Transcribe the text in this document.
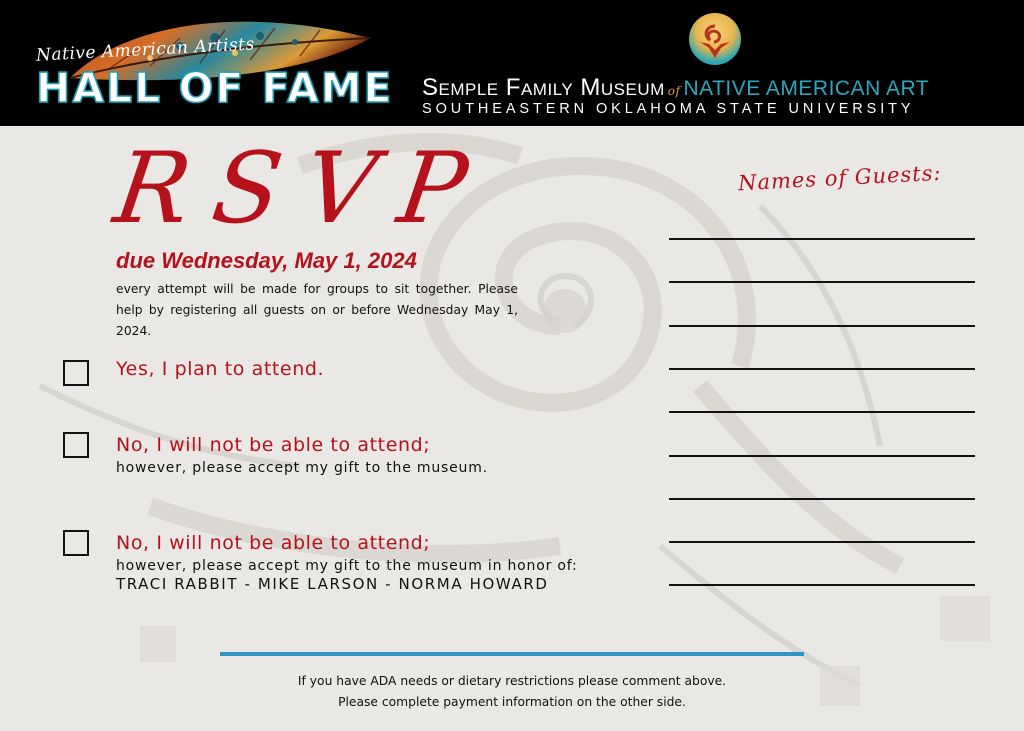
Native American Artists
HALL OF FAME Semple Family Museum of NATIVE AMERICAN ART
SOUTHEASTERN OKLAHOMA STATE UNIVERSITY
RSVP
due Wednesday, May 1, 2024
every attempt will be made for groups to sit together. Please help by registering all guests on or before Wednesday May 1, 2024.
Yes, I plan to attend.
No, I will not be able to attend;
however, please accept my gift to the museum.
No, I will not be able to attend;
however, please accept my gift to the museum in honor of:
TRACI RABBIT - MIKE LARSON - NORMA HOWARD
Names of Guests:
If you have ADA needs or dietary restrictions please comment above.
Please complete payment information on the other side.
